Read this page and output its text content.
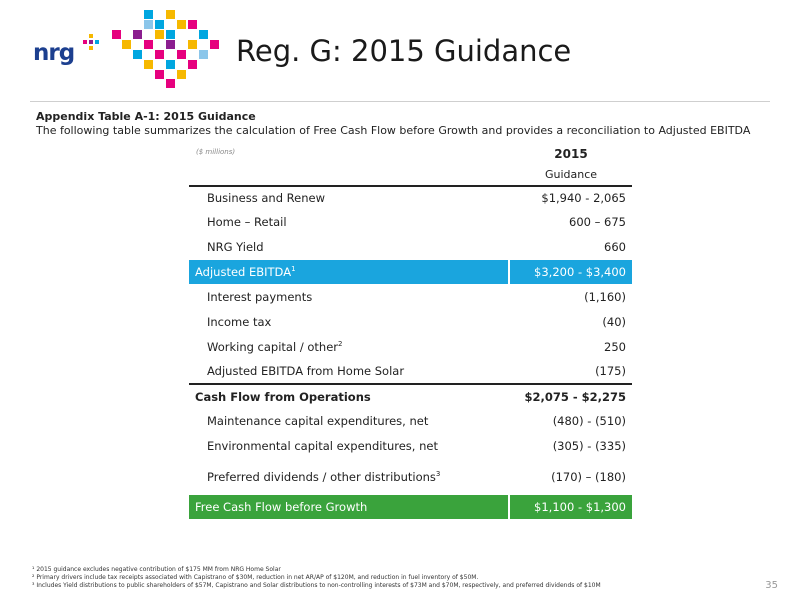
nrg	Reg. G: 2015 Guidance
Appendix Table A-1: 2015 Guidance
The following table summarizes the calculation of Free Cash Flow before Growth and provides a reconciliation to Adjusted EBITDA
($ millions)	2015
Guidance
Business and Renew	$1,940 - 2,065
Home – Retail	600 – 675
NRG Yield	660
Adjusted EBITDA$^1$	$3,200 - $3,400
Interest payments	(1,160)
Income tax	(40)
Working capital / other$^2$	250
Adjusted EBITDA from Home Solar	(175)
Cash Flow from Operations	$2,075 - $2,275
Maintenance capital expenditures, net	(480) - (510)
Environmental capital expenditures, net	(305) - (335)
Preferred dividends / other distributions$^3$	(170) – (180)
Free Cash Flow before Growth	$1,100 - $1,300
¹ 2015 guidance excludes negative contribution of $175 MM from NRG Home Solar
² Primary drivers include tax receipts associated with Capistrano of $30M, reduction in net AR/AP of $120M, and reduction in fuel inventory of $50M.
³ Includes Yield distributions to public shareholders of $57M, Capistrano and Solar distributions to non-controlling interests of $73M and $70M, respectively, and preferred dividends of $10M	35
